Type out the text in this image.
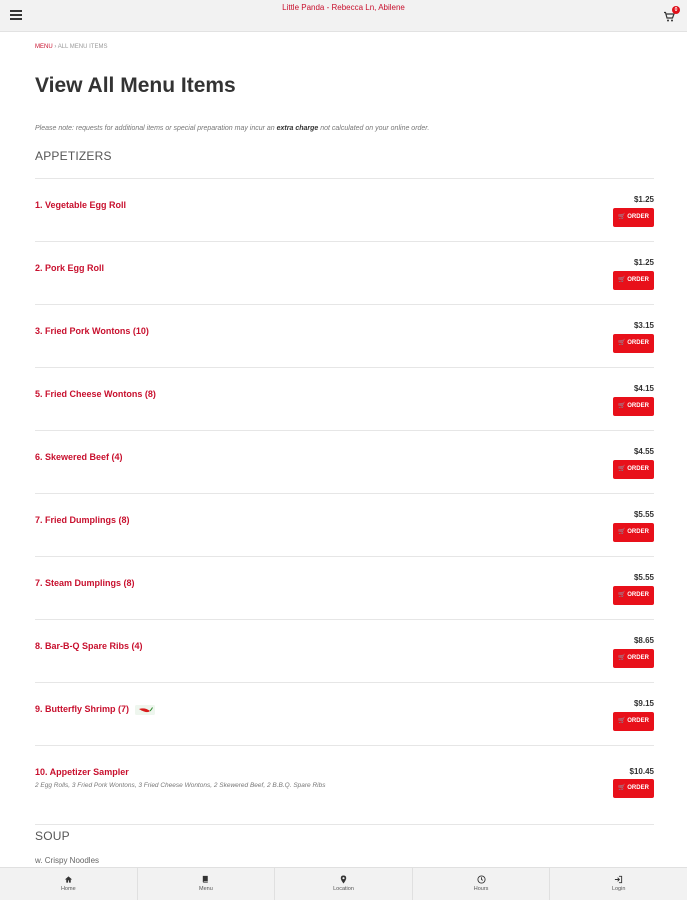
Little Panda - Rebecca Ln, Abilene	0
MENU › ALL MENU ITEMS
View All Menu Items

Please note: requests for additional items or special preparation may incur an extra charge not calculated on your online order.

APPETIZERS
1. Vegetable Egg Roll
$1.25
🛒 ORDER
2. Pork Egg Roll
$1.25
🛒 ORDER
3. Fried Pork Wontons (10)
$3.15
🛒 ORDER
5. Fried Cheese Wontons (8)
$4.15
🛒 ORDER
6. Skewered Beef (4)
$4.55
🛒 ORDER
7. Fried Dumplings (8)
$5.55
🛒 ORDER
7. Steam Dumplings (8)
$5.55
🛒 ORDER
8. Bar-B-Q Spare Ribs (4)
$8.65
🛒 ORDER
9. Butterfly Shrimp (7)
$9.15
🛒 ORDER
10. Appetizer Sampler
2 Egg Rolls, 3 Fried Pork Wontons, 3 Fried Cheese Wontons, 2 Skewered Beef, 2 B.B.Q. Spare Ribs
$10.45
🛒 ORDER
SOUP
w. Crispy Noodles
Home	Menu	Location	Hours	Login
